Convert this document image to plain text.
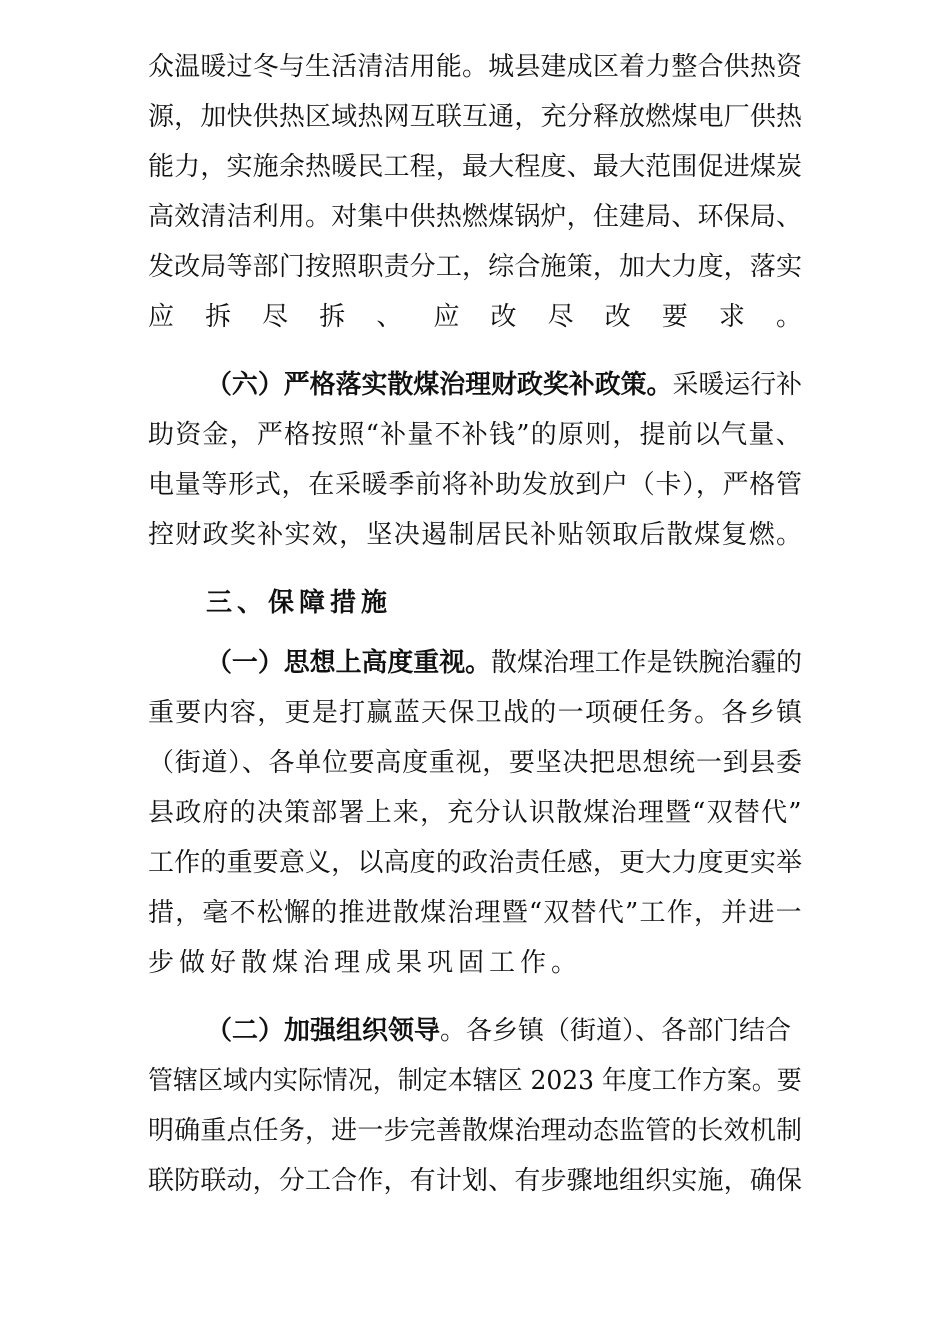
众温暖过冬与生活清洁用能。城县建成区着力整合供热资
源，加快供热区域热网互联互通，充分释放燃煤电厂供热
能力，实施余热暖民工程，最大程度、最大范围促进煤炭
高效清洁利用。对集中供热燃煤锅炉，住建局、环保局、
发改局等部门按照职责分工，综合施策，加大力度，落实
应拆尽拆、应改尽改要求。
（六）严格落实散煤治理财政奖补政策。采暖运行补
助资金，严格按照“补量不补钱”的原则，提前以气量、
电量等形式，在采暖季前将补助发放到户（卡），严格管
控财政奖补实效，坚决遏制居民补贴领取后散煤复燃。
三、保障措施
（一）思想上高度重视。散煤治理工作是铁腕治霾的
重要内容，更是打赢蓝天保卫战的一项硬任务。各乡镇
（街道）、各单位要高度重视，要坚决把思想统一到县委
县政府的决策部署上来，充分认识散煤治理暨“双替代”
工作的重要意义，以高度的政治责任感，更大力度更实举
措，毫不松懈的推进散煤治理暨“双替代”工作，并进一
步做好散煤治理成果巩固工作。
（二）加强组织领导。各乡镇（街道）、各部门结合
管辖区域内实际情况，制定本辖区 2023 年度工作方案。要
明确重点任务，进一步完善散煤治理动态监管的长效机制
联防联动，分工合作，有计划、有步骤地组织实施，确保
